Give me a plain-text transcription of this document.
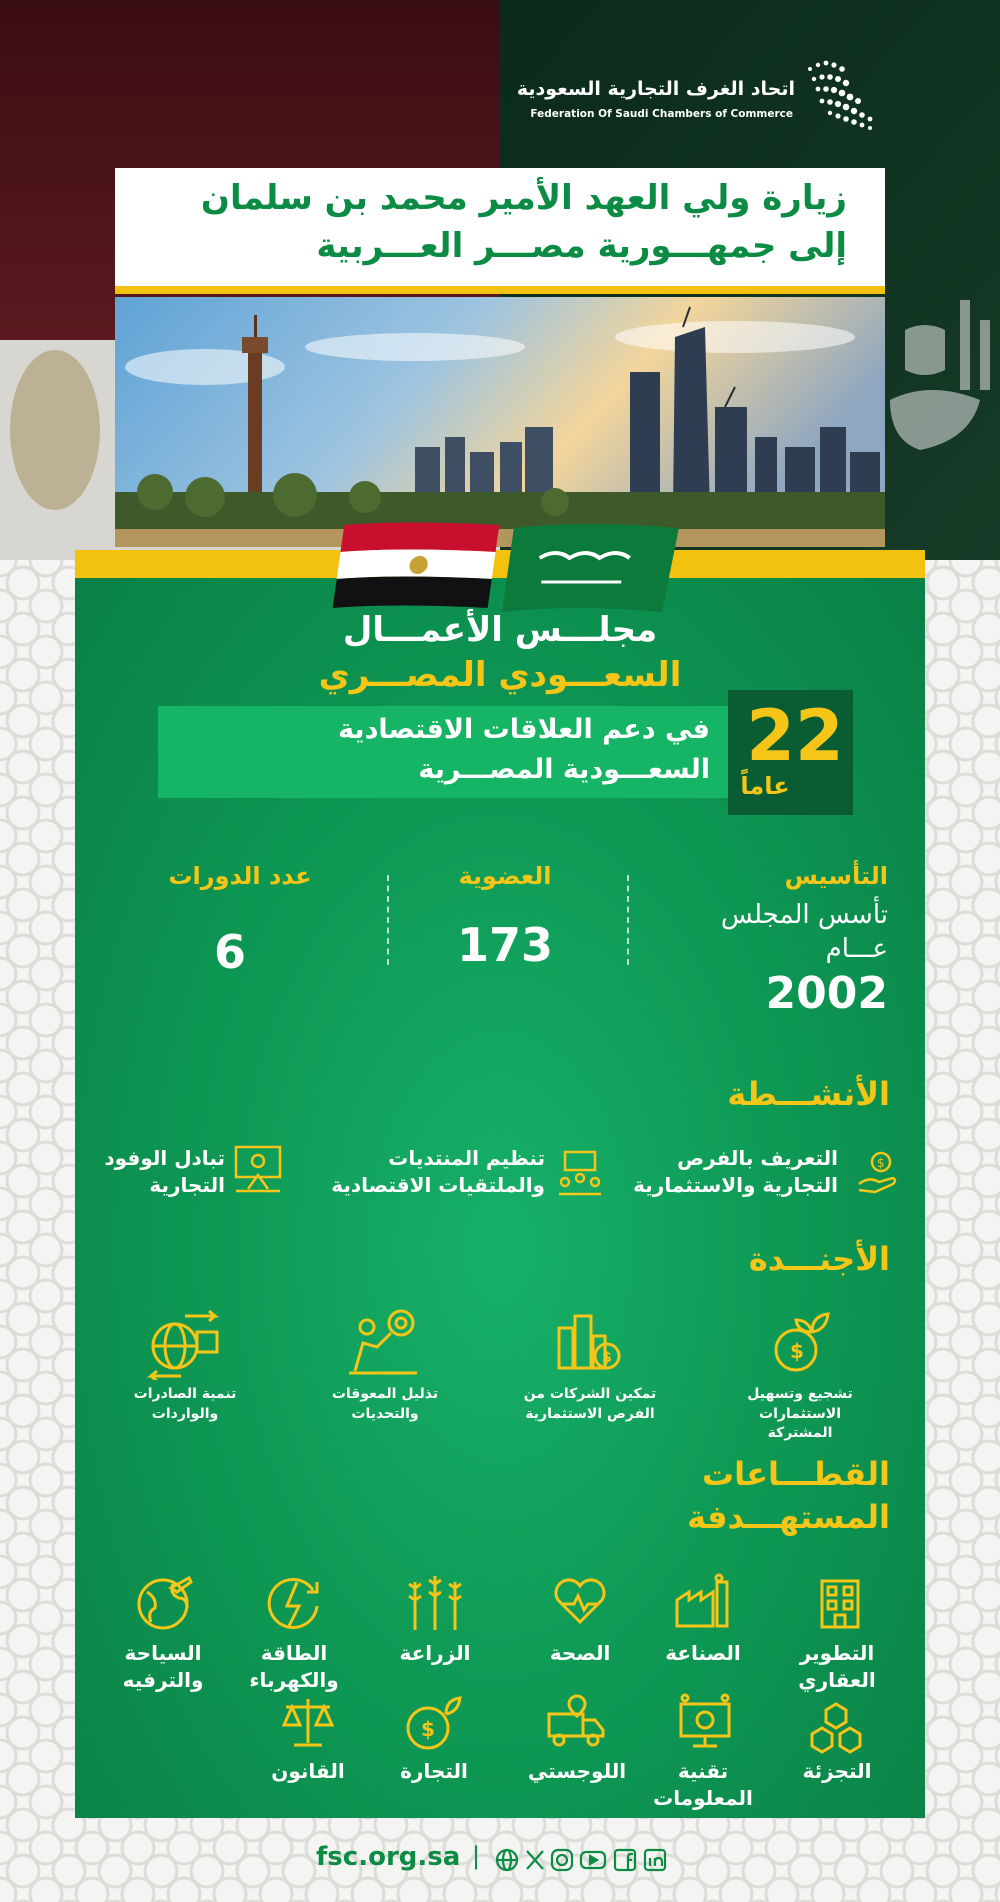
اتحاد الغرف التجارية السعودية
Federation Of Saudi Chambers of Commerce
زيارة ولي العهد الأمير محمد بن سلمان
إلى جمهـــورية مصـــر العـــربية
مجلـــس الأعمـــال
السعـــودي المصـــري
في دعم العلاقات الاقتصادية
السعـــودية المصـــرية 22
عاماً
التأسيس
تأسس المجلس
عـــام
2002
العضوية
173
عدد الدورات
6
الأنشـــطة
$
التعريف بالفرص
التجارية والاستثمارية
تنظيم المنتديات
والملتقيات الاقتصادية
تبادل الوفود
التجارية
الأجنـــدة
$
تشجيع وتسهيل الاستثمارات
المشتركة
$
تمكين الشركات من
الفرص الاستثمارية
تذليل المعوقات
والتحديات
تنمية الصادرات
والواردات
القطـــاعات
المستهـــدفة
التطوير
العقاري
الصناعة
الصحة
الزراعة
الطاقة
والكهرباء
السياحة
والترفيه
$
التجزئة
تقنية
المعلومات
اللوجستي
التجارة
القانون
fsc.org.sa |
